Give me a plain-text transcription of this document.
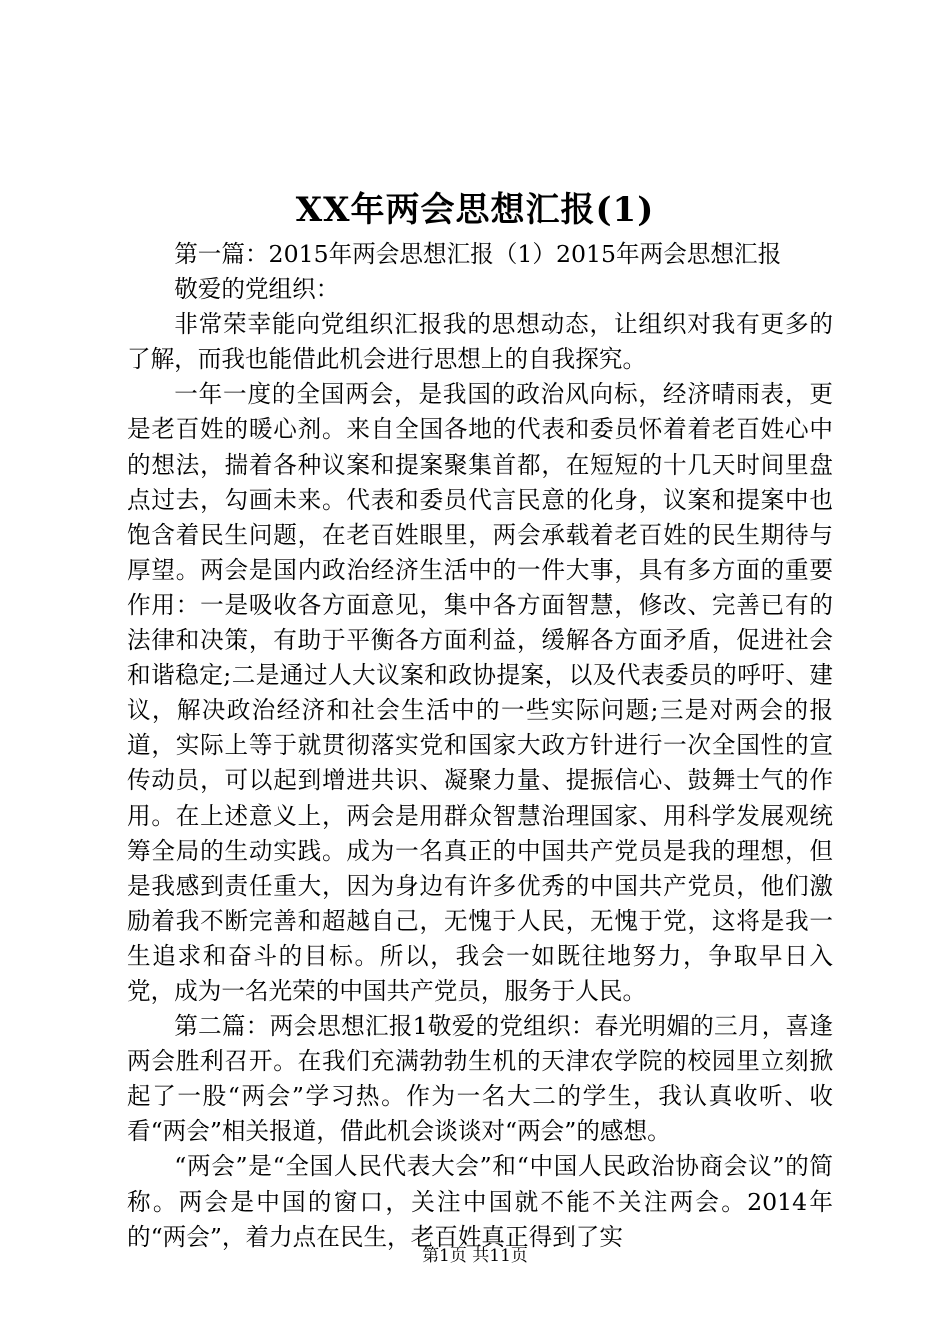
XX年两会思想汇报(1)

第一篇：2015年两会思想汇报（1）2015年两会思想汇报

敬爱的党组织：

非常荣幸能向党组织汇报我的思想动态，让组织对我有更多的了解，而我也能借此机会进行思想上的自我探究。

一年一度的全国两会，是我国的政治风向标，经济晴雨表，更是老百姓的暖心剂。来自全国各地的代表和委员怀着着老百姓心中的想法，揣着各种议案和提案聚集首都，在短短的十几天时间里盘点过去，勾画未来。代表和委员代言民意的化身，议案和提案中也饱含着民生问题，在老百姓眼里，两会承载着老百姓的民生期待与厚望。两会是国内政治经济生活中的一件大事，具有多方面的重要作用：一是吸收各方面意见，集中各方面智慧，修改、完善已有的法律和决策，有助于平衡各方面利益，缓解各方面矛盾，促进社会和谐稳定;二是通过人大议案和政协提案，以及代表委员的呼吁、建议，解决政治经济和社会生活中的一些实际问题;三是对两会的报道，实际上等于就贯彻落实党和国家大政方针进行一次全国性的宣传动员，可以起到增进共识、凝聚力量、提振信心、鼓舞士气的作用。在上述意义上，两会是用群众智慧治理国家、用科学发展观统筹全局的生动实践。成为一名真正的中国共产党员是我的理想，但是我感到责任重大，因为身边有许多优秀的中国共产党员，他们激励着我不断完善和超越自己，无愧于人民，无愧于党，这将是我一生追求和奋斗的目标。所以，我会一如既往地努力，争取早日入党，成为一名光荣的中国共产党员，服务于人民。

第二篇：两会思想汇报1敬爱的党组织：春光明媚的三月，喜逢两会胜利召开。在我们充满勃勃生机的天津农学院的校园里立刻掀起了一股“两会”学习热。作为一名大二的学生，我认真收听、收看“两会”相关报道，借此机会谈谈对“两会”的感想。

“两会”是“全国人民代表大会”和“中国人民政治协商会议”的简称。两会是中国的窗口，关注中国就不能不关注两会。2014年的“两会”，着力点在民生，老百姓真正得到了实

第1页 共11页
